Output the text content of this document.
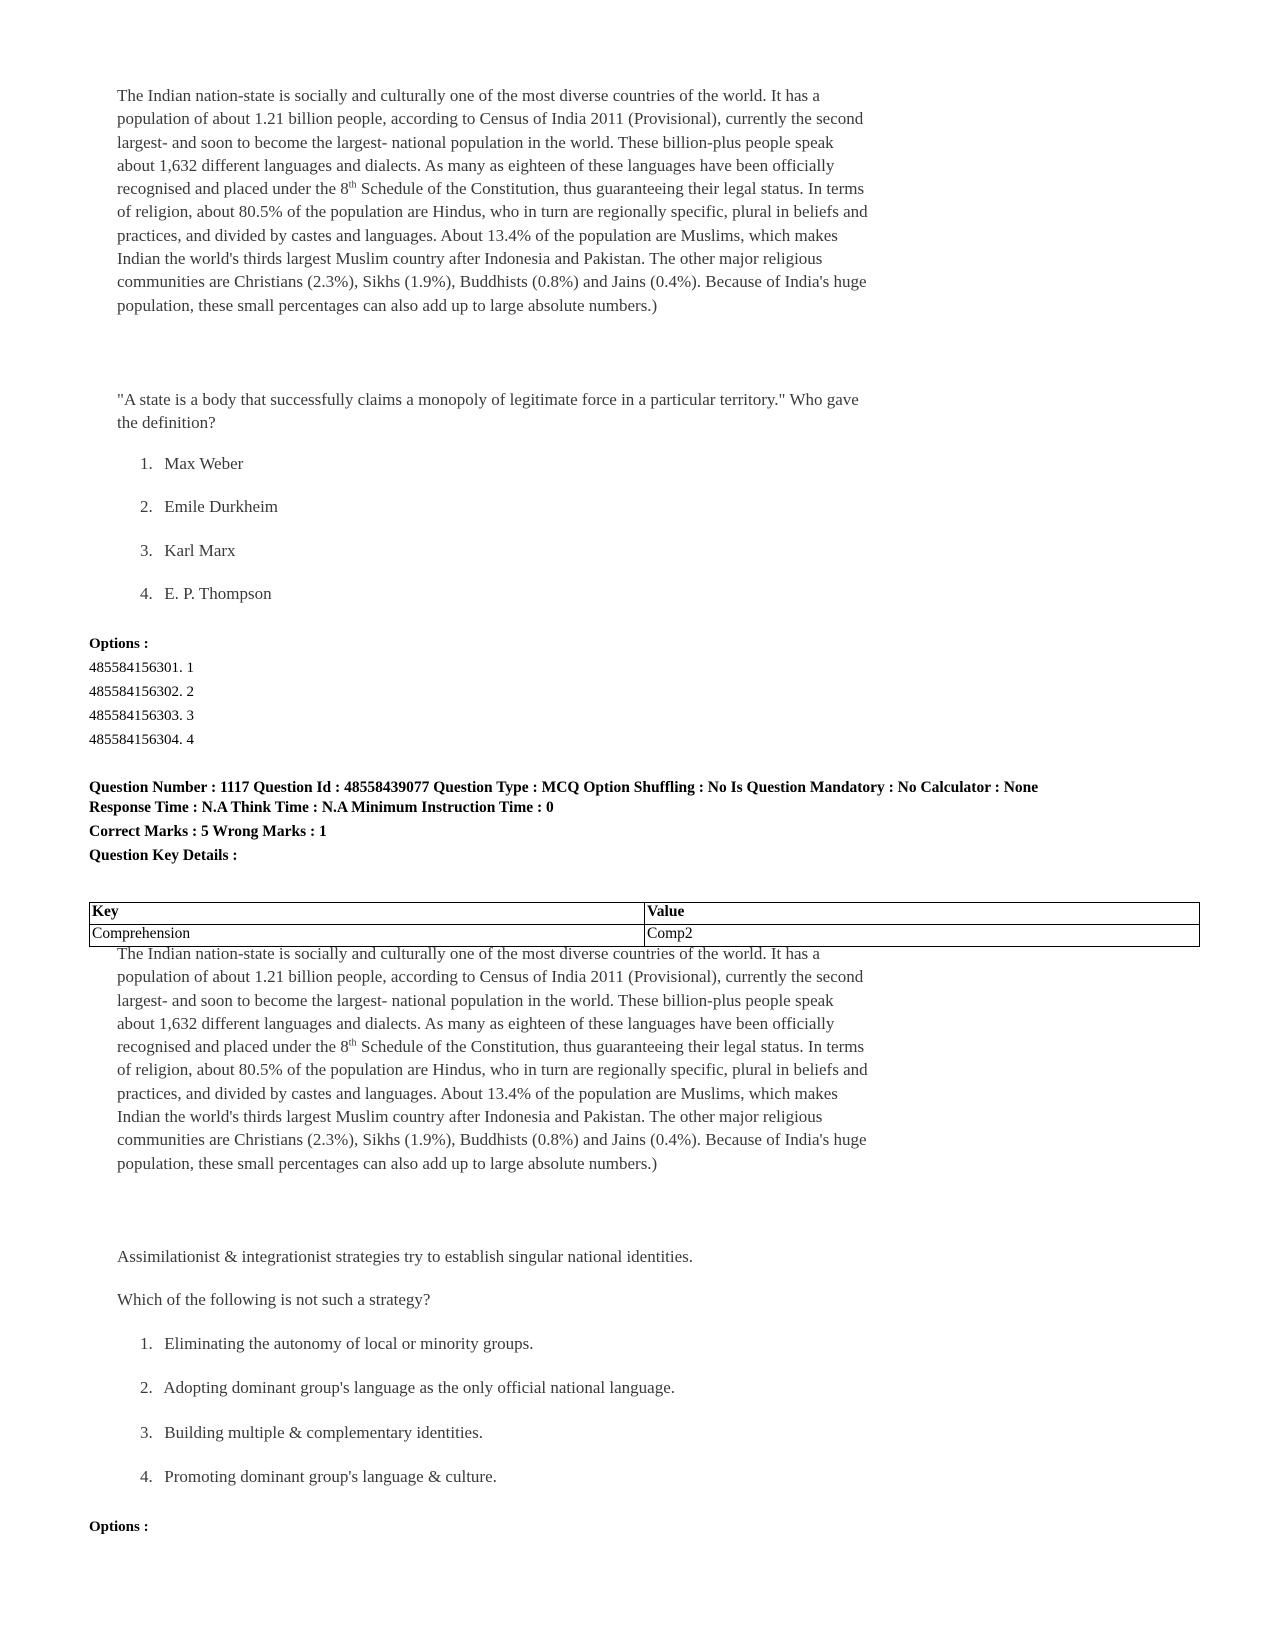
The Indian nation-state is socially and culturally one of the most diverse countries of the world. It has a

population of about 1.21 billion people, according to Census of India 2011 (Provisional), currently the second

largest- and soon to become the largest- national population in the world. These billion-plus people speak

about 1,632 different languages and dialects. As many as eighteen of these languages have been officially

recognised and placed under the 8th Schedule of the Constitution, thus guaranteeing their legal status. In terms

of religion, about 80.5% of the population are Hindus, who in turn are regionally specific, plural in beliefs and

practices, and divided by castes and languages. About 13.4% of the population are Muslims, which makes

Indian the world's thirds largest Muslim country after Indonesia and Pakistan. The other major religious

communities are Christians (2.3%), Sikhs (1.9%), Buddhists (0.8%) and Jains (0.4%). Because of India's huge

population, these small percentages can also add up to large absolute numbers.)

"A state is a body that successfully claims a monopoly of legitimate force in a particular territory." Who gave

the definition?

1. Max Weber
2. Emile Durkheim
3. Karl Marx
4. E. P. Thompson
Options :
485584156301. 1
485584156302. 2
485584156303. 3
485584156304. 4
Question Number : 1117 Question Id : 48558439077 Question Type : MCQ Option Shuffling : No Is Question Mandatory : No Calculator : None
Response Time : N.A Think Time : N.A Minimum Instruction Time : 0
Correct Marks : 5 Wrong Marks : 1
Question Key Details :
Key	Value
Comprehension	Comp2

The Indian nation-state is socially and culturally one of the most diverse countries of the world. It has a

population of about 1.21 billion people, according to Census of India 2011 (Provisional), currently the second

largest- and soon to become the largest- national population in the world. These billion-plus people speak

about 1,632 different languages and dialects. As many as eighteen of these languages have been officially

recognised and placed under the 8th Schedule of the Constitution, thus guaranteeing their legal status. In terms

of religion, about 80.5% of the population are Hindus, who in turn are regionally specific, plural in beliefs and

practices, and divided by castes and languages. About 13.4% of the population are Muslims, which makes

Indian the world's thirds largest Muslim country after Indonesia and Pakistan. The other major religious

communities are Christians (2.3%), Sikhs (1.9%), Buddhists (0.8%) and Jains (0.4%). Because of India's huge

population, these small percentages can also add up to large absolute numbers.)

Assimilationist & integrationist strategies try to establish singular national identities.

Which of the following is not such a strategy?

1. Eliminating the autonomy of local or minority groups.
2. Adopting dominant group's language as the only official national language.
3. Building multiple & complementary identities.
4. Promoting dominant group's language & culture.
Options :
